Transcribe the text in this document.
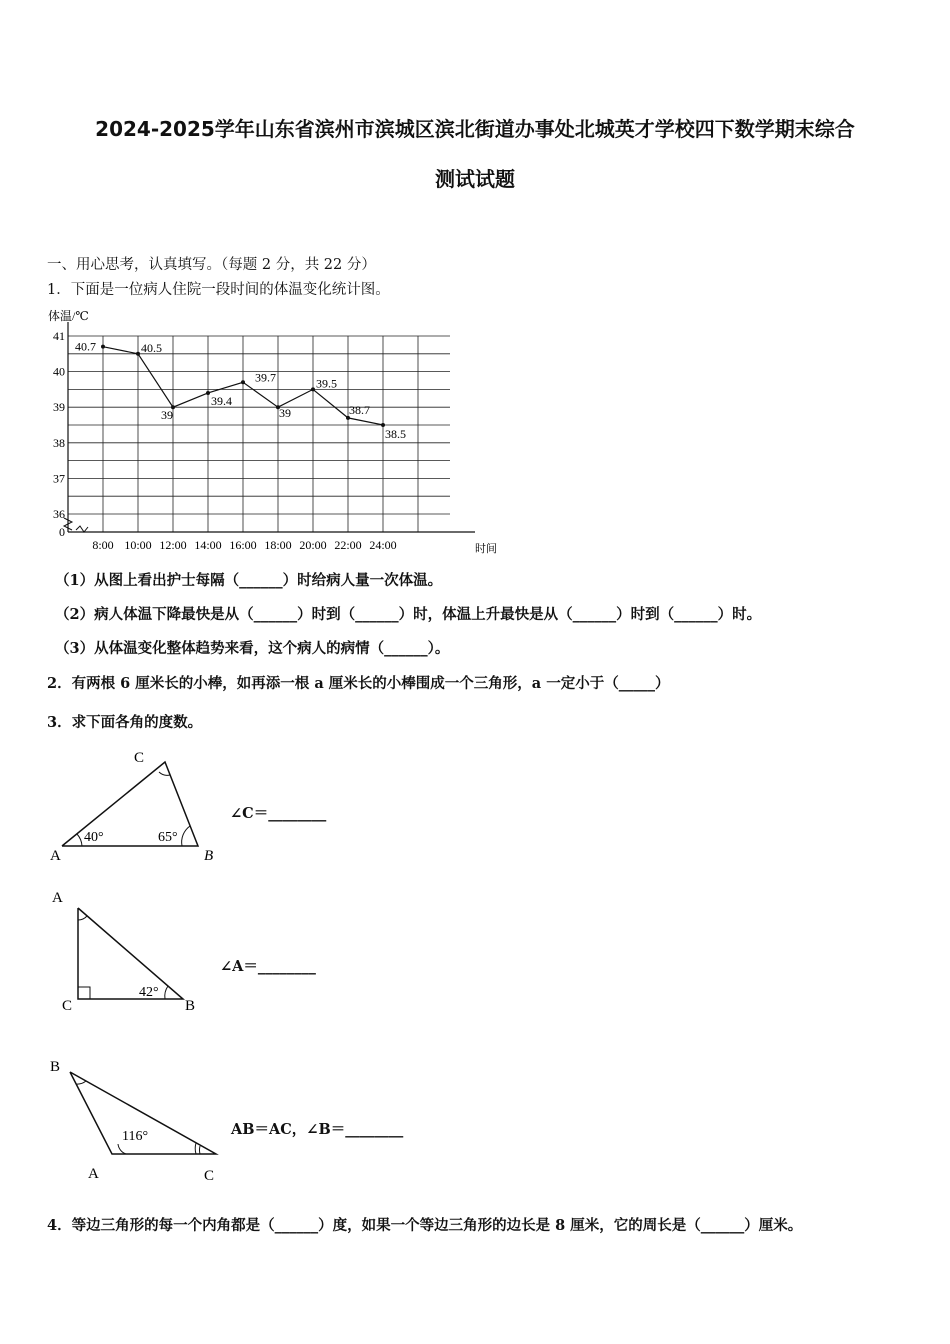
2024-2025学年山东省滨州市滨城区滨北街道办事处北城英才学校四下数学期末综合
测试试题
一、用心思考，认真填写。（每题 2 分，共 22 分）
1．下面是一位病人住院一段时间的体温变化统计图。
体温/℃
41
40
39
38
37
36
0
8:00 10:00 12:00 14:00 16:00 18:00 20:00 22:00 24:00	时间
40.7	40.5
39
39.4
39.7
39
39.5
38.7
38.5
（1）从图上看出护士每隔（______）时给病人量一次体温。
（2）病人体温下降最快是从（______）时到（______）时，体温上升最快是从（______）时到（______）时。
（3）从体温变化整体趋势来看，这个病人的病情（______）。
2．有两根 6 厘米长的小棒，如再添一根 a 厘米长的小棒围成一个三角形，a 一定小于（_____）
3．求下面各角的度数。
A	B
C
40°	65°
∠C＝________
A
B
C
42°
∠A＝________
B
A	C
116°	AB＝AC，∠B＝________
4．等边三角形的每一个内角都是（______）度，如果一个等边三角形的边长是 8 厘米，它的周长是（______）厘米。
